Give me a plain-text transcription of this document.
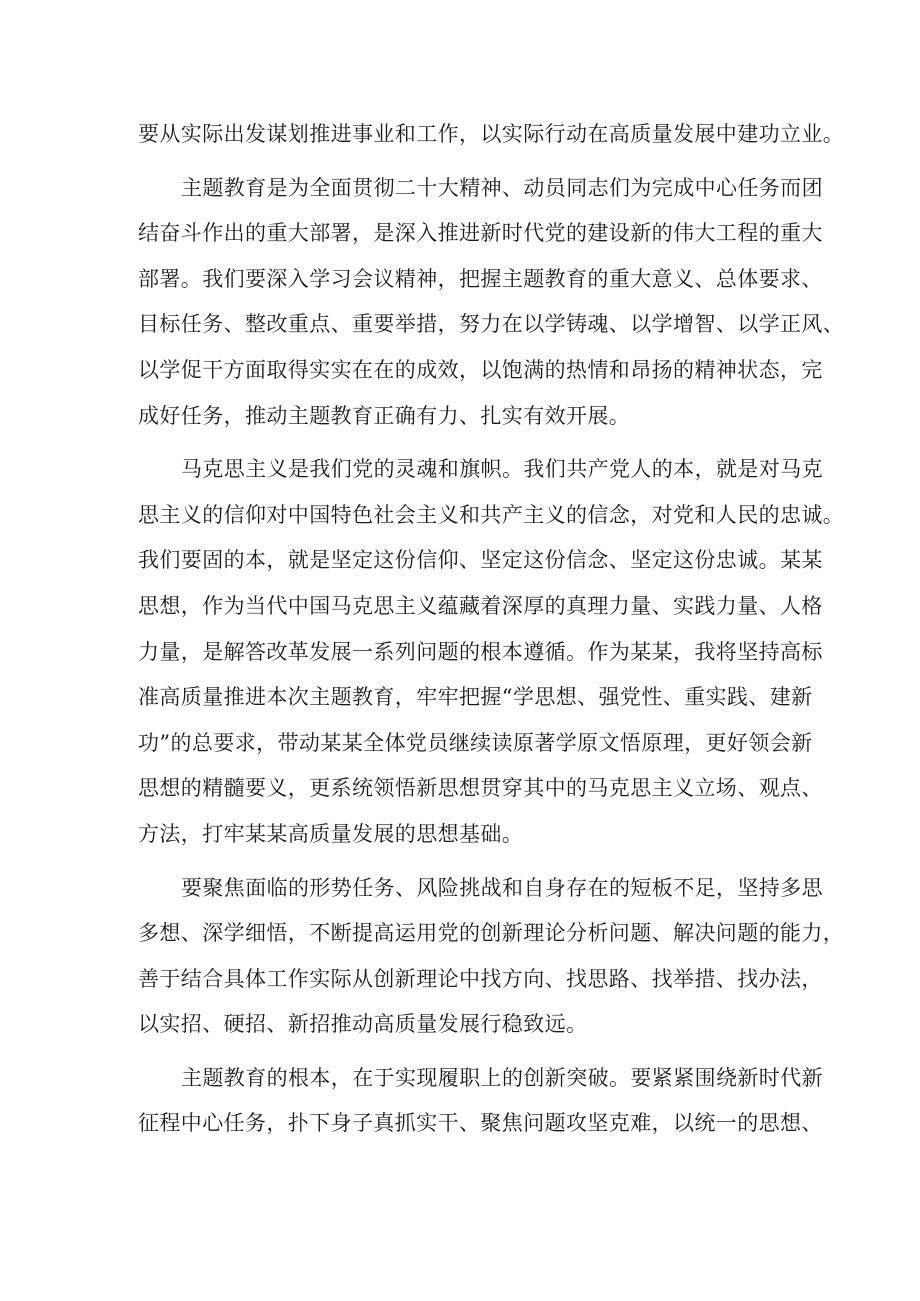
要从实际出发谋划推进事业和工作，以实际行动在高质量发展中建功立业。
主题教育是为全面贯彻二十大精神、动员同志们为完成中心任务而团
结奋斗作出的重大部署，是深入推进新时代党的建设新的伟大工程的重大
部署。我们要深入学习会议精神，把握主题教育的重大意义、总体要求、
目标任务、整改重点、重要举措，努力在以学铸魂、以学增智、以学正风、
以学促干方面取得实实在在的成效，以饱满的热情和昂扬的精神状态，完
成好任务，推动主题教育正确有力、扎实有效开展。
马克思主义是我们党的灵魂和旗帜。我们共产党人的本，就是对马克
思主义的信仰对中国特色社会主义和共产主义的信念，对党和人民的忠诚。
我们要固的本，就是坚定这份信仰、坚定这份信念、坚定这份忠诚。某某
思想，作为当代中国马克思主义蕴藏着深厚的真理力量、实践力量、人格
力量，是解答改革发展一系列问题的根本遵循。作为某某，我将坚持高标
准高质量推进本次主题教育，牢牢把握“学思想、强党性、重实践、建新
功”的总要求，带动某某全体党员继续读原著学原文悟原理，更好领会新
思想的精髓要义，更系统领悟新思想贯穿其中的马克思主义立场、观点、
方法，打牢某某高质量发展的思想基础。
要聚焦面临的形势任务、风险挑战和自身存在的短板不足，坚持多思
多想、深学细悟，不断提高运用党的创新理论分析问题、解决问题的能力，
善于结合具体工作实际从创新理论中找方向、找思路、找举措、找办法，
以实招、硬招、新招推动高质量发展行稳致远。
主题教育的根本，在于实现履职上的创新突破。要紧紧围绕新时代新
征程中心任务，扑下身子真抓实干、聚焦问题攻坚克难，以统一的思想、
